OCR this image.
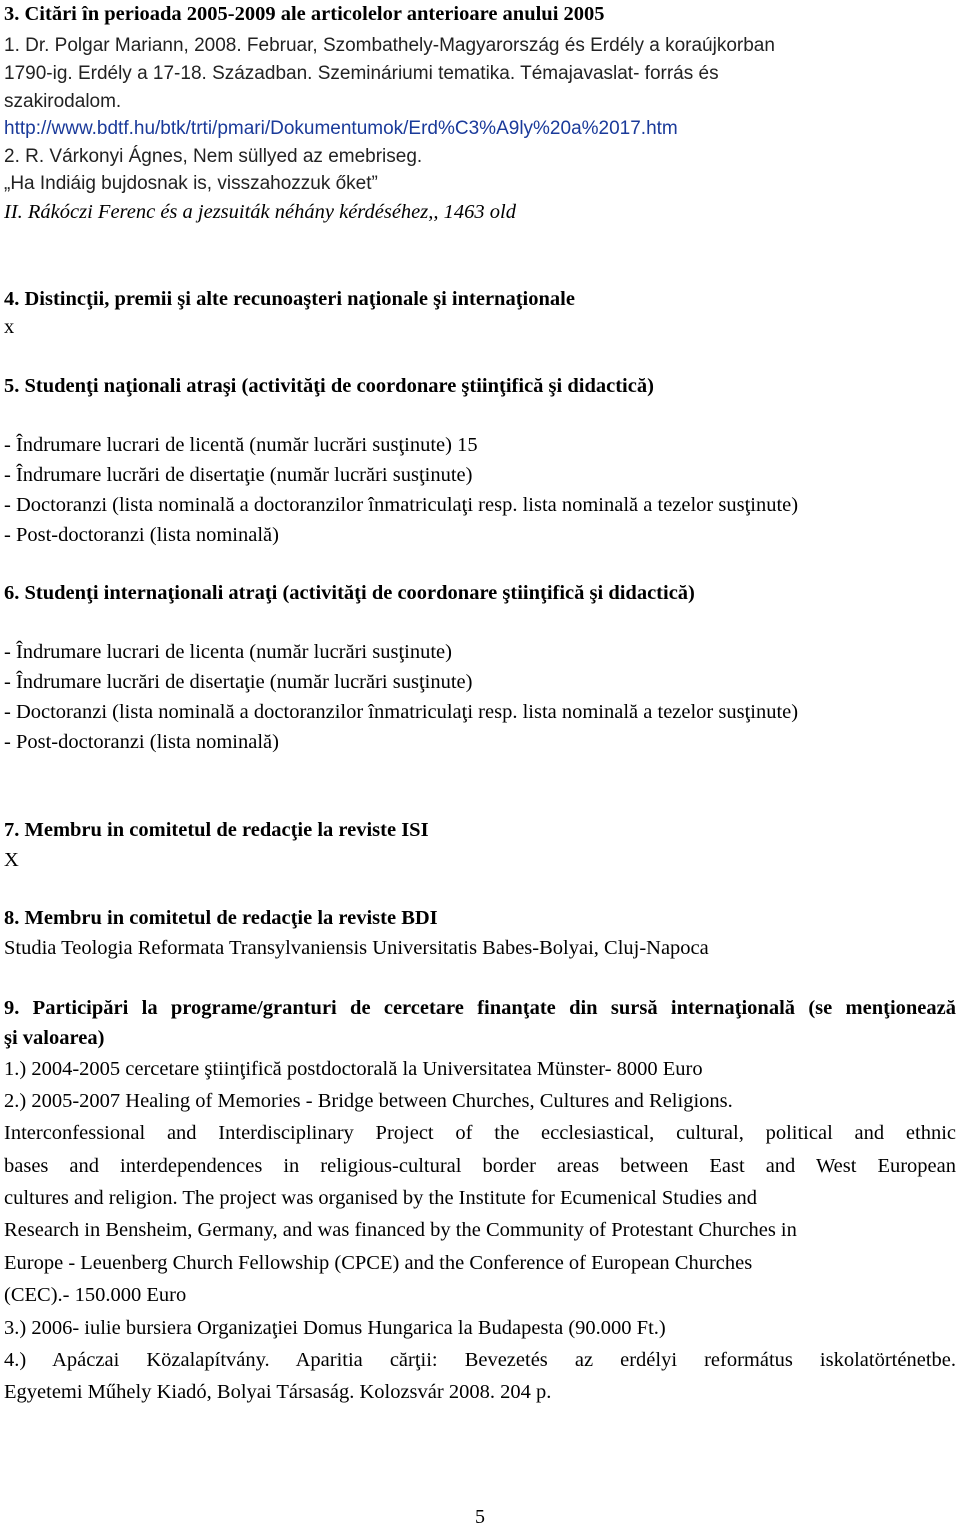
3. Citări în perioada 2005-2009 ale articolelor anterioare anului 2005
1. Dr. Polgar Mariann, 2008. Februar, Szombathely-Magyarország és Erdély a koraújkorban
1790-ig. Erdély a 17-18. Században. Szemináriumi tematika. Témajavaslat- forrás és
szakirodalom.
http://www.bdtf.hu/btk/trti/pmari/Dokumentumok/Erd%C3%A9ly%20a%2017.htm
2. R. Várkonyi Ágnes, Nem süllyed az emebriseg.
„Ha Indiáig bujdosnak is, visszahozzuk őket”
II. Rákóczi Ferenc és a jezsuiták néhány kérdéséhez,, 1463 old
4. Distincţii, premii şi alte recunoaşteri naţionale şi internaţionale
x
5. Studenţi naţionali atraşi (activităţi de coordonare ştiinţifică şi didactică)
- Îndrumare lucrari de licentă (număr lucrări susţinute) 15
- Îndrumare lucrări de disertaţie (număr lucrări susţinute)
- Doctoranzi (lista nominală a doctoranzilor înmatriculaţi resp. lista nominală a tezelor susţinute)
- Post-doctoranzi (lista nominală)
6. Studenţi internaţionali atraţi (activităţi de coordonare ştiinţifică şi didactică)
- Îndrumare lucrari de licenta (număr lucrări susţinute)
- Îndrumare lucrări de disertaţie (număr lucrări susţinute)
- Doctoranzi (lista nominală a doctoranzilor înmatriculaţi resp. lista nominală a tezelor susţinute)
- Post-doctoranzi (lista nominală)
7. Membru in comitetul de redacţie la reviste ISI
X
8. Membru in comitetul de redacţie la reviste BDI
Studia Teologia Reformata Transylvaniensis Universitatis Babes-Bolyai, Cluj-Napoca
9. Participări la programe/granturi de cercetare finanţate din sursă internaţională (se menţionează
şi valoarea)
1.) 2004-2005 cercetare ştiinţifică postdoctorală la Universitatea Münster- 8000 Euro
2.) 2005-2007 Healing of Memories - Bridge between Churches, Cultures and Religions.
Interconfessional and Interdisciplinary Project of the ecclesiastical, cultural, political and ethnic
bases and interdependences in religious-cultural border areas between East and West European
cultures and religion. The project was organised by the Institute for Ecumenical Studies and
Research in Bensheim, Germany, and was financed by the Community of Protestant Churches in
Europe - Leuenberg Church Fellowship (CPCE) and the Conference of European Churches
(CEC).- 150.000 Euro
3.) 2006- iulie bursiera Organizaţiei Domus Hungarica la Budapesta (90.000 Ft.)
4.) Apáczai Közalapítvány. Aparitia cărţii: Bevezetés az erdélyi református iskolatörténetbe.
Egyetemi Műhely Kiadó, Bolyai Társaság. Kolozsvár 2008. 204 p.
5
